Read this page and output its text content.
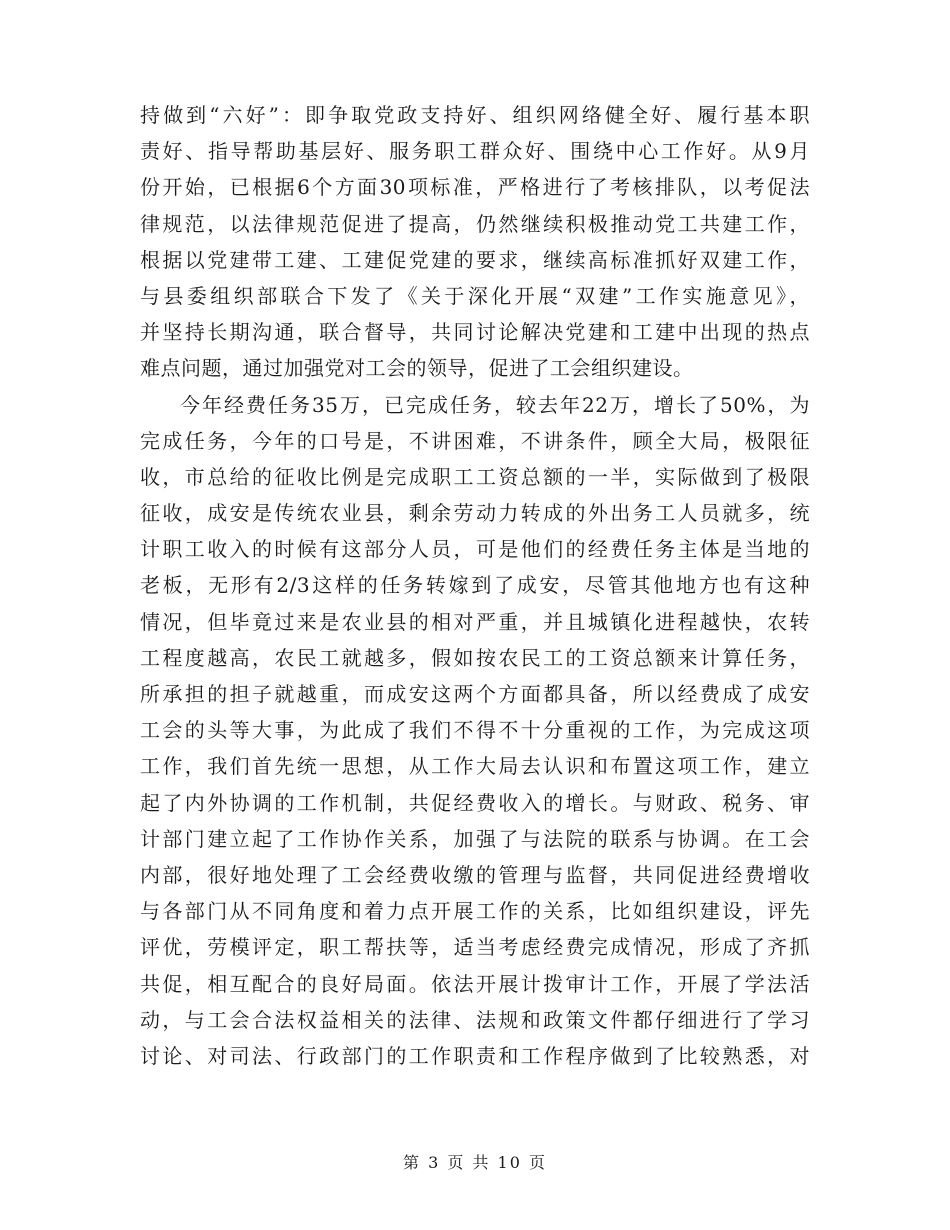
持做到“六好”：即争取党政支持好、组织网络健全好、履行基本职
责好、指导帮助基层好、服务职工群众好、围绕中心工作好。从9月
份开始，已根据6个方面30项标准，严格进行了考核排队，以考促法
律规范，以法律规范促进了提高，仍然继续积极推动党工共建工作，
根据以党建带工建、工建促党建的要求，继续高标准抓好双建工作，
与县委组织部联合下发了《关于深化开展“双建”工作实施意见》，
并坚持长期沟通，联合督导，共同讨论解决党建和工建中出现的热点
难点问题，通过加强党对工会的领导，促进了工会组织建设。
今年经费任务35万，已完成任务，较去年22万，增长了50%，为
完成任务，今年的口号是，不讲困难，不讲条件，顾全大局，极限征
收，市总给的征收比例是完成职工工资总额的一半，实际做到了极限
征收，成安是传统农业县，剩余劳动力转成的外出务工人员就多，统
计职工收入的时候有这部分人员，可是他们的经费任务主体是当地的
老板，无形有2/3这样的任务转嫁到了成安，尽管其他地方也有这种
情况，但毕竟过来是农业县的相对严重，并且城镇化进程越快，农转
工程度越高，农民工就越多，假如按农民工的工资总额来计算任务，
所承担的担子就越重，而成安这两个方面都具备，所以经费成了成安
工会的头等大事，为此成了我们不得不十分重视的工作，为完成这项
工作，我们首先统一思想，从工作大局去认识和布置这项工作，建立
起了内外协调的工作机制，共促经费收入的增长。与财政、税务、审
计部门建立起了工作协作关系，加强了与法院的联系与协调。在工会
内部，很好地处理了工会经费收缴的管理与监督，共同促进经费增收
与各部门从不同角度和着力点开展工作的关系，比如组织建设，评先
评优，劳模评定，职工帮扶等，适当考虑经费完成情况，形成了齐抓
共促，相互配合的良好局面。依法开展计拨审计工作，开展了学法活
动，与工会合法权益相关的法律、法规和政策文件都仔细进行了学习
讨论、对司法、行政部门的工作职责和工作程序做到了比较熟悉，对
第 3 页 共 10 页
